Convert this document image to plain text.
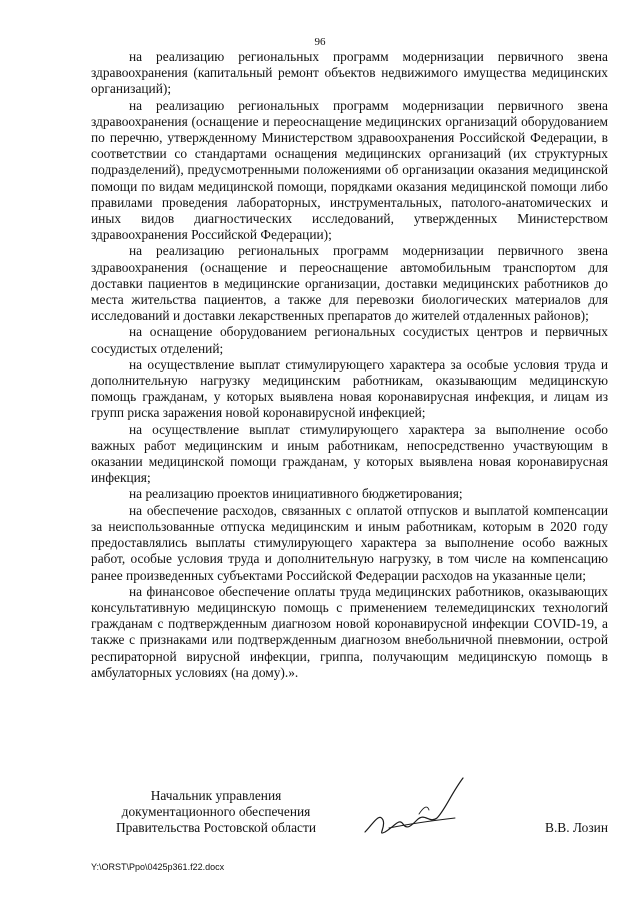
96

на реализацию региональных программ модернизации первичного звена здравоохранения (капитальный ремонт объектов недвижимого имущества медицинских организаций);

на реализацию региональных программ модернизации первичного звена здравоохранения (оснащение и переоснащение медицинских организаций оборудованием по перечню, утвержденному Министерством здравоохранения Российской Федерации, в соответствии со стандартами оснащения медицинских организаций (их структурных подразделений), предусмотренными положениями об организации оказания медицинской помощи по видам медицинской помощи, порядками оказания медицинской помощи либо правилами проведения лабораторных, инструментальных, патолого-анатомических и иных видов диагностических исследований, утвержденных Министерством здравоохранения Российской Федерации);

на реализацию региональных программ модернизации первичного звена здравоохранения (оснащение и переоснащение автомобильным транспортом для доставки пациентов в медицинские организации, доставки медицинских работников до места жительства пациентов, а также для перевозки биологических материалов для исследований и доставки лекарственных препаратов до жителей отдаленных районов);

на оснащение оборудованием региональных сосудистых центров и первичных сосудистых отделений;

на осуществление выплат стимулирующего характера за особые условия труда и дополнительную нагрузку медицинским работникам, оказывающим медицинскую помощь гражданам, у которых выявлена новая коронавирусная инфекция, и лицам из групп риска заражения новой коронавирусной инфекцией;

на осуществление выплат стимулирующего характера за выполнение особо важных работ медицинским и иным работникам, непосредственно участвующим в оказании медицинской помощи гражданам, у которых выявлена новая коронавирусная инфекция;

на реализацию проектов инициативного бюджетирования;

на обеспечение расходов, связанных с оплатой отпусков и выплатой компенсации за неиспользованные отпуска медицинским и иным работникам, которым в 2020 году предоставлялись выплаты стимулирующего характера за выполнение особо важных работ, особые условия труда и дополнительную нагрузку, в том числе на компенсацию ранее произведенных субъектами Российской Федерации расходов на указанные цели;

на финансовое обеспечение оплаты труда медицинских работников, оказывающих консультативную медицинскую помощь с применением телемедицинских технологий гражданам с подтвержденным диагнозом новой коронавирусной инфекции COVID-19, а также с признаками или подтвержденным диагнозом внебольничной пневмонии, острой респираторной вирусной инфекции, гриппа, получающим медицинскую помощь в амбулаторных условиях (на дому).».

Начальник управления
документационного обеспечения
Правительства Ростовской области	В.В. Лозин
Y:\ORST\Ppo\0425p361.f22.docx
